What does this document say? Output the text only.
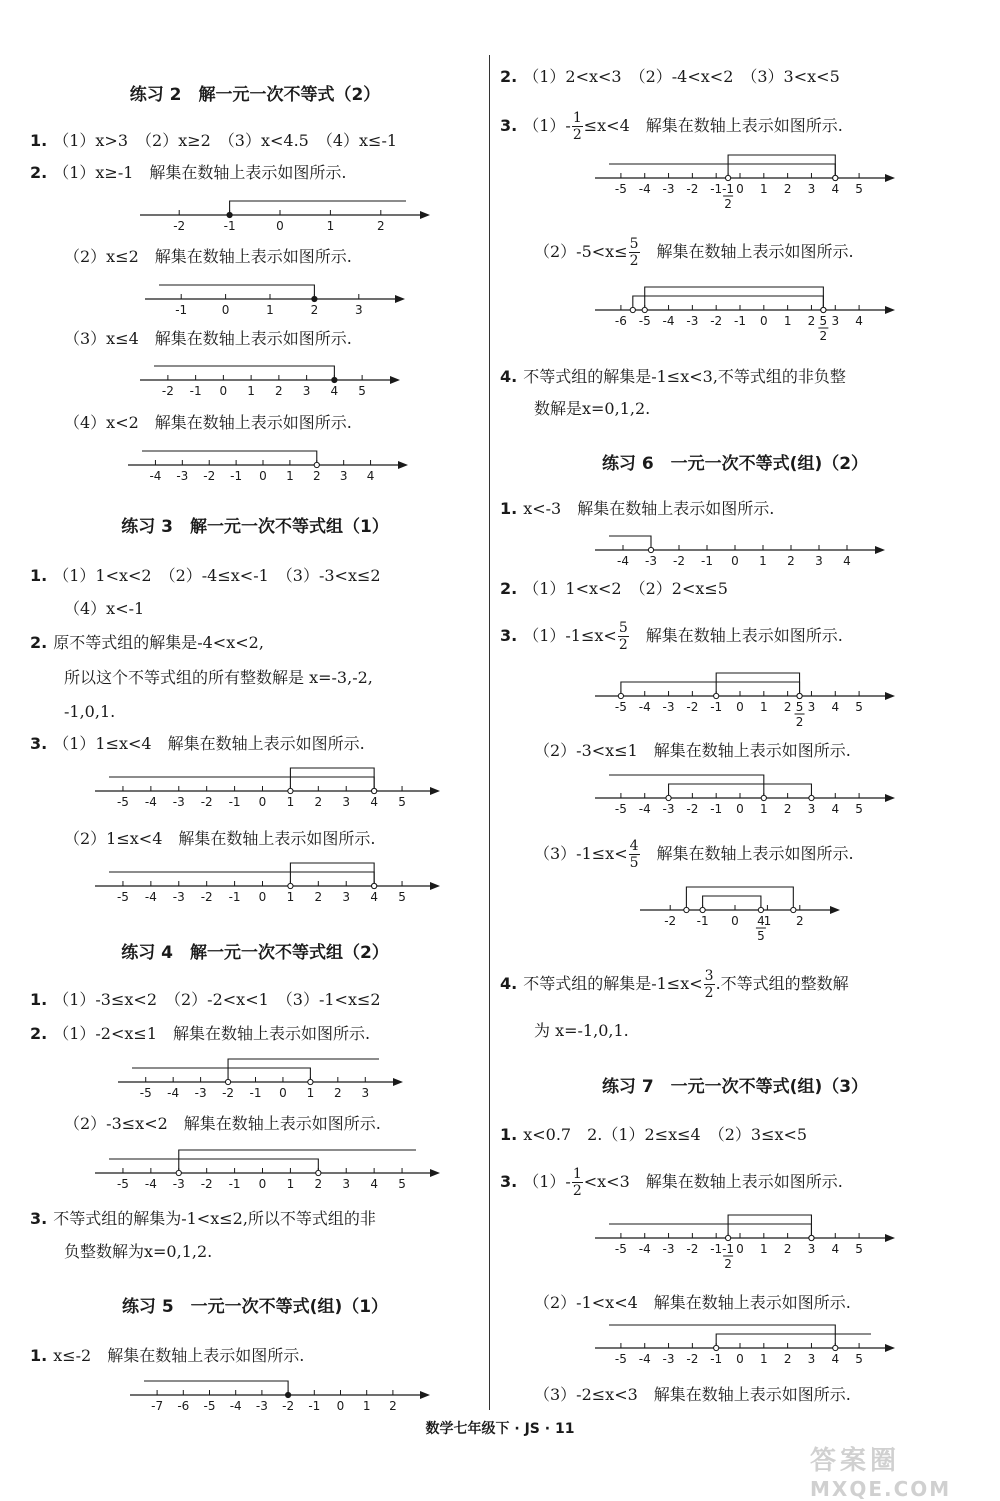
练习 2　解一元一次不等式（2）
1. （1）x>3　（2）x≥2　（3）x<4.5　（4）x≤-1
2. （1）x≥-1　解集在数轴上表示如图所示.
-2	-1	0	1	2
（2）x≤2　解集在数轴上表示如图所示.
-1	0	1	2	3
（3）x≤4　解集在数轴上表示如图所示.
-2 -1 0 1 2 3 4 5
（4）x<2　解集在数轴上表示如图所示.
-4 -3 -2 -1 0 1 2 3 4
练习 3　解一元一次不等式组（1）
1. （1）1<x<2　（2）-4≤x<-1　（3）-3<x≤2
（4）x<-1
2. 原不等式组的解集是-4<x<2,
所以这个不等式组的所有整数解是 x=-3,-2,
-1,0,1.
3. （1）1≤x<4　解集在数轴上表示如图所示.
-5 -4 -3 -2 -1 0 1 2 3 4 5
（2）1≤x<4　解集在数轴上表示如图所示.
-5 -4 -3 -2 -1 0 1 2 3 4 5
练习 4　解一元一次不等式组（2）
1. （1）-3≤x<2　（2）-2<x<1　（3）-1<x≤2
2. （1）-2<x≤1　解集在数轴上表示如图所示.
-5 -4 -3 -2 -1 0 1 2 3
（2）-3≤x<2　解集在数轴上表示如图所示.
-5 -4 -3 -2 -1 0 1 2 3 4 5
3. 不等式组的解集为-1<x≤2,所以不等式组的非
负整数解为x=0,1,2.
练习 5　一元一次不等式(组)（1）
1. x≤-2　解集在数轴上表示如图所示.
-7 -6 -5 -4 -3 -2 -1 0 1 2
2. （1）2<x<3　（2）-4<x<2　（3）3<x<5
3. $(1)- \frac{1}{2} \le x<4$　解集在数轴上表示如图所示.
-5 -4 -3 -2 -1 0 1 2 3 4 5
-1
2
$(2)-5<x\le \frac{5}{2}$
  解集在数轴上表示如图所示.
-6 -5 -4 -3 -2 -1 0 1 2 3 4
5
2
4. 不等式组的解集是-1≤x<3,不等式组的非负整
数解是x=0,1,2.
练习 6　一元一次不等式(组)（2）
1. x<-3　解集在数轴上表示如图所示.
-4 -3 -2 -1 0 1 2 3 4
2. （1）1<x<2　（2）2<x≤5
3. $(1)-1\le x< \frac{5}{2}$
  解集在数轴上表示如图所示.
-5 -4 -3 -2 -1 0 1 2 3 4 5
5
2
（2）-3<x≤1　解集在数轴上表示如图所示.
-5 -4 -3 -2 -1 0 1 2 3 4 5
$(3)-1\le x< \frac{4}{5}$
  解集在数轴上表示如图所示.
-2 -1 0 1 2
4
5
4. 不等式组的解集是$-1\le x< \frac{3}{2}$ .不等式组的整数解
为 x=-1,0,1.
练习 7　一元一次不等式(组)（3）
1. x<0.7　2.（1）2≤x≤4　（2）3≤x<5
3. $(1)- \frac{1}{2} <x<3$　解集在数轴上表示如图所示.
-5 -4 -3 -2 -1 0 1 2 3 4 5
-1
2
（2）-1<x<4　解集在数轴上表示如图所示.
-5 -4 -3 -2 -1 0 1 2 3 4 5
（3）-2≤x<3　解集在数轴上表示如图所示.
数学七年级下 · JS · 11
答案圈
MXQE.COM
